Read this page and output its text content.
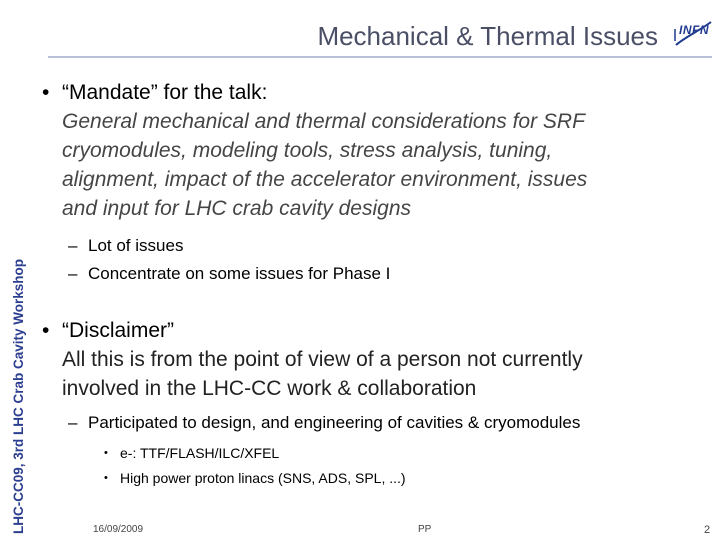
LHC-CC09, 3rd LHC Crab Cavity Workshop
Mechanical & Thermal Issues INFN
• “Mandate” for the talk:
General mechanical and thermal considerations for SRF
cryomodules, modeling tools, stress analysis, tuning,
alignment, impact of the accelerator environment, issues
and input for LHC crab cavity designs
– Lot of issues
– Concentrate on some issues for Phase I
• “Disclaimer”
All this is from the point of view of a person not currently
involved in the LHC-CC work & collaboration
– Participated to design, and engineering of cavities & cryomodules
• e-: TTF/FLASH/ILC/XFEL
• High power proton linacs (SNS, ADS, SPL, ...)
16/09/2009	PP	2
